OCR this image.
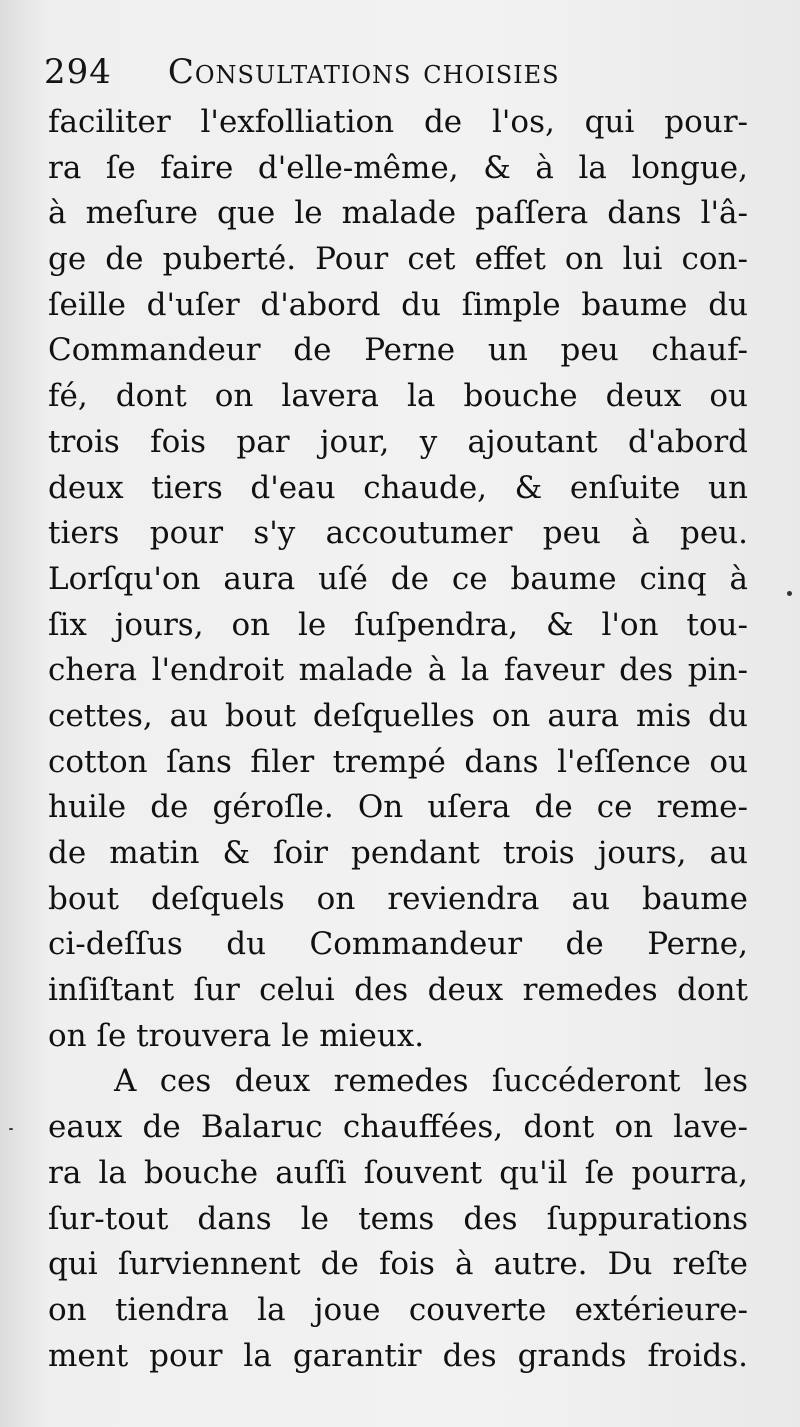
294 Consultations choisies
faciliter l'exfolliation de l'os, qui pour-
ra ſe faire d'elle-même, & à la longue,
à meſure que le malade paſſera dans l'â-
ge de puberté. Pour cet effet on lui con-
ſeille d'uſer d'abord du ſimple baume du
Commandeur de Perne un peu chauf-
fé, dont on lavera la bouche deux ou
trois fois par jour, y ajoutant d'abord
deux tiers d'eau chaude, & enſuite un
tiers pour s'y accoutumer peu à peu.
Lorſqu'on aura uſé de ce baume cinq à
ſix jours, on le ſuſpendra, & l'on tou-
chera l'endroit malade à la faveur des pin-
cettes, au bout deſquelles on aura mis du
cotton ſans filer trempé dans l'eſſence ou
huile de géroſle. On uſera de ce reme-
de matin & ſoir pendant trois jours, au
bout deſquels on reviendra au baume
ci-deſſus du Commandeur de Perne,
inſiſtant ſur celui des deux remedes dont
on ſe trouvera le mieux.
A ces deux remedes ſuccéderont les
eaux de Balaruc chauffées, dont on lave-
ra la bouche auſſi ſouvent qu'il ſe pourra,
ſur-tout dans le tems des ſuppurations
qui ſurviennent de fois à autre. Du reſte
on tiendra la joue couverte extérieure-
ment pour la garantir des grands froids.
